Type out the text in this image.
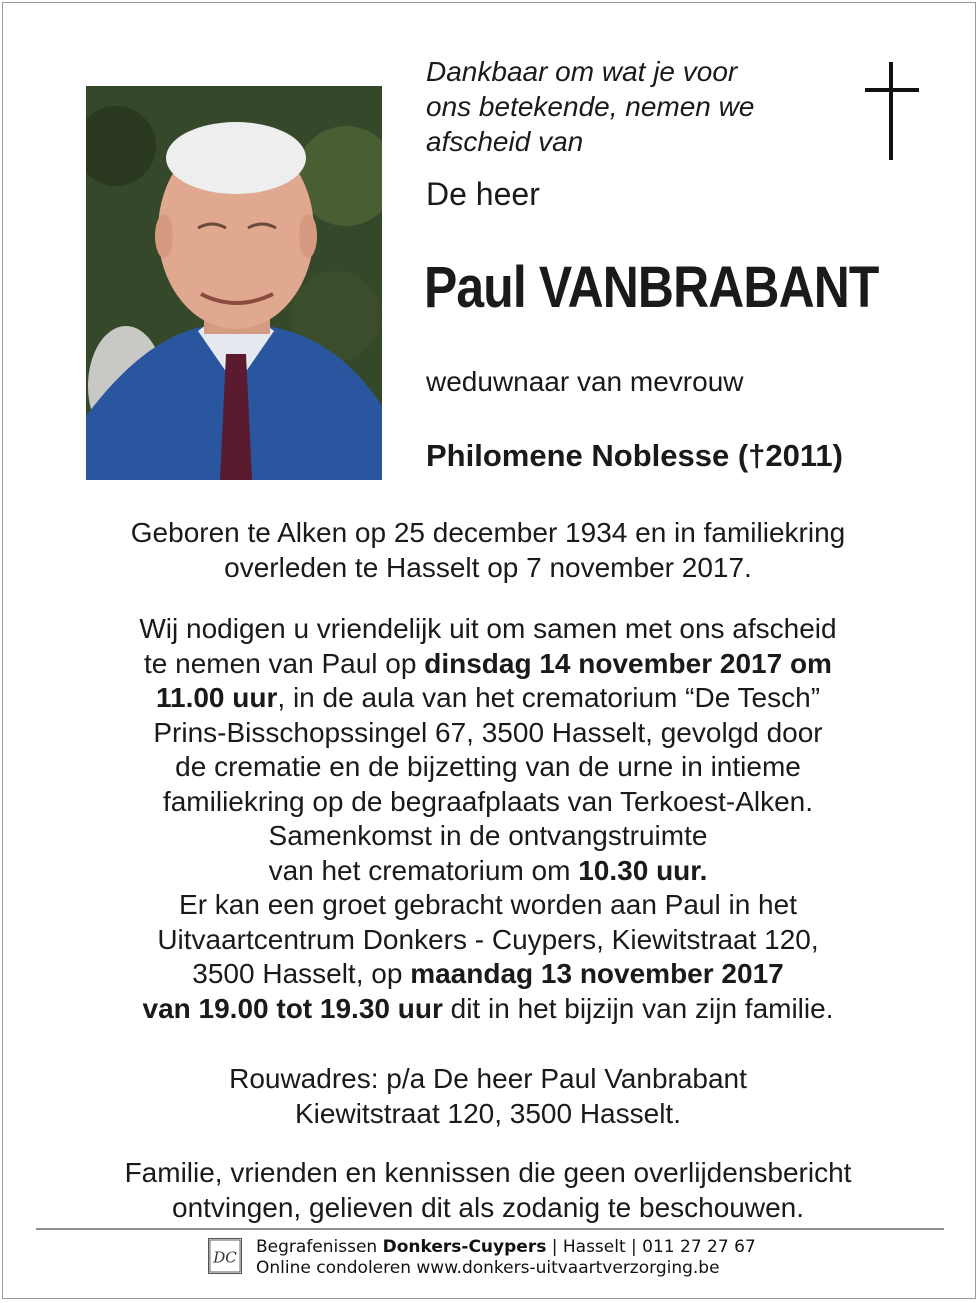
Dankbaar om wat je voor
ons betekende, nemen we
afscheid van

De heer

Paul VANBRABANT

weduwnaar van mevrouw

Philomene Noblesse (†2011)

Geboren te Alken op 25 december 1934 en in familiekring
overleden te Hasselt op 7 november 2017.
Wij nodigen u vriendelijk uit om samen met ons afscheid
te nemen van Paul op dinsdag 14 november 2017 om
11.00 uur, in de aula van het crematorium “De Tesch”
Prins-Bisschopssingel 67, 3500 Hasselt, gevolgd door
de crematie en de bijzetting van de urne in intieme
familiekring op de begraafplaats van Terkoest-Alken.
Samenkomst in de ontvangstruimte
van het crematorium om 10.30 uur.
Er kan een groet gebracht worden aan Paul in het
Uitvaartcentrum Donkers - Cuypers, Kiewitstraat 120,
3500 Hasselt, op maandag 13 november 2017
van 19.00 tot 19.30 uur dit in het bijzijn van zijn familie.
Rouwadres: p/a De heer Paul Vanbrabant
Kiewitstraat 120, 3500 Hasselt.
Familie, vrienden en kennissen die geen overlijdensbericht
ontvingen, gelieven dit als zodanig te beschouwen.
DC
Begrafenissen Donkers-Cuypers | Hasselt | 011 27 27 67
Online condoleren www.donkers-uitvaartverzorging.be
